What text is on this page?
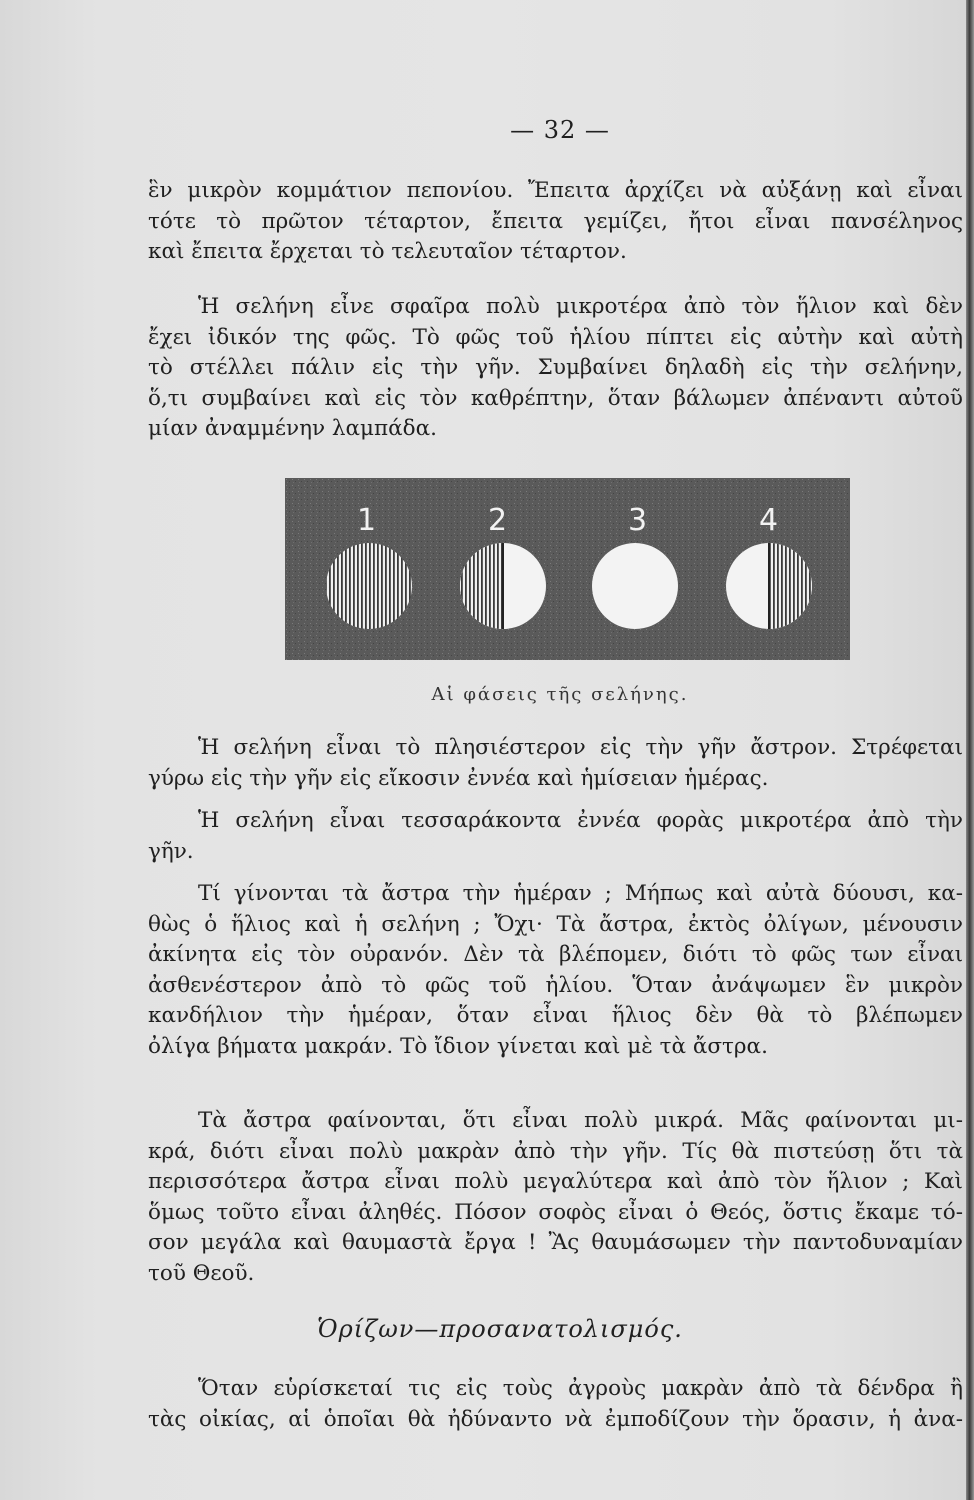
— 32 —
ἓν μικρὸν κομμάτιον πεπονίου. Ἔπειτα ἀρχίζει νὰ αὐξάνῃ καὶ εἶναι
τότε τὸ πρῶτον τέταρτον, ἔπειτα γεμίζει, ἤτοι εἶναι πανσέληνος
καὶ ἔπειτα ἔρχεται τὸ τελευταῖον τέταρτον.
Ἡ σελήνη εἶνε σφαῖρα πολὺ μικροτέρα ἀπὸ τὸν ἥλιον καὶ δὲν
ἔχει ἰδικόν της φῶς. Τὸ φῶς τοῦ ἡλίου πίπτει εἰς αὐτὴν καὶ αὐτὴ
τὸ στέλλει πάλιν εἰς τὴν γῆν. Συμβαίνει δηλαδὴ εἰς τὴν σελήνην,
ὅ,τι συμβαίνει καὶ εἰς τὸν καθρέπτην, ὅταν βάλωμεν ἀπέναντι αὐτοῦ
μίαν ἀναμμένην λαμπάδα.
1	2	3	4
Αἱ φάσεις τῆς σελήνης.
Ἡ σελήνη εἶναι τὸ πλησιέστερον εἰς τὴν γῆν ἄστρον. Στρέφεται
γύρω εἰς τὴν γῆν εἰς εἴκοσιν ἐννέα καὶ ἡμίσειαν ἡμέρας.
Ἡ σελήνη εἶναι τεσσαράκοντα ἐννέα φορὰς μικροτέρα ἀπὸ τὴν
γῆν.
Τί γίνονται τὰ ἄστρα τὴν ἡμέραν ; Μήπως καὶ αὐτὰ δύουσι, κα-
θὼς ὁ ἥλιος καὶ ἡ σελήνη ; Ὄχι· Τὰ ἄστρα, ἐκτὸς ὀλίγων, μένουσιν
ἀκίνητα εἰς τὸν οὐρανόν. Δὲν τὰ βλέπομεν, διότι τὸ φῶς των εἶναι
ἀσθενέστερον ἀπὸ τὸ φῶς τοῦ ἡλίου. Ὅταν ἀνάψωμεν ἓν μικρὸν
κανδήλιον τὴν ἡμέραν, ὅταν εἶναι ἥλιος δὲν θὰ τὸ βλέπωμεν
ὀλίγα βήματα μακράν. Τὸ ἴδιον γίνεται καὶ μὲ τὰ ἄστρα.
Τὰ ἄστρα φαίνονται, ὅτι εἶναι πολὺ μικρά. Μᾶς φαίνονται μι-
κρά, διότι εἶναι πολὺ μακρὰν ἀπὸ τὴν γῆν. Τίς θὰ πιστεύσῃ ὅτι τὰ
περισσότερα ἄστρα εἶναι πολὺ μεγαλύτερα καὶ ἀπὸ τὸν ἥλιον ; Καὶ
ὅμως τοῦτο εἶναι ἀληθές. Πόσον σοφὸς εἶναι ὁ Θεός, ὅστις ἔκαμε τό-
σον μεγάλα καὶ θαυμαστὰ ἔργα ! Ἂς θαυμάσωμεν τὴν παντοδυναμίαν
τοῦ Θεοῦ.
Ὁρίζων—προσανατολισμός.
Ὅταν εὑρίσκεταί τις εἰς τοὺς ἀγροὺς μακρὰν ἀπὸ τὰ δένδρα ἢ
τὰς οἰκίας, αἱ ὁποῖαι θὰ ἠδύναντο νὰ ἐμποδίζουν τὴν ὅρασιν, ἡ ἀνα-
